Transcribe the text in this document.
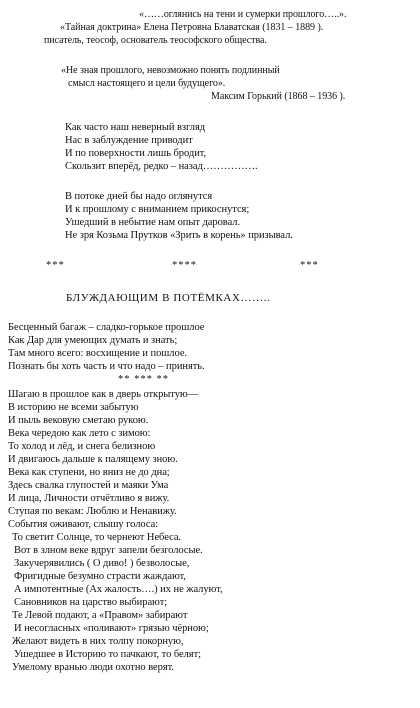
«……оглянись на тени и сумерки прошлого…..».
«Тайная доктрина» Елена Петровна Блаватская (1831 – 1889 ).
писатель, теософ, основатель теософского общества.
«Не зная прошлого, невозможно понять подлинный
смысл настоящего и цели будущего».
Максим Горький (1868 – 1936 ).
Как часто наш неверный взгляд
Нас в заблуждение приводит
И по поверхности лишь бродит,
Скользит вперёд, редко – назад…………….
В потоке дней бы надо оглянутся
И к прошлому с вниманием прикоснутся;
Ушедший в небытие нам опыт даровал.
Не зря Козьма Прутков «Зрить в корень» призывал.
***	****	***
БЛУЖДАЮЩИМ В ПОТЁМКАХ……..
Бесценный багаж – сладко-горькое прошлое
Как Дар для умеющих думать и знать;
Там много всего: восхищение и пошлое.
Познать бы хоть часть и что надо – принять.
** *** **
Шагаю в прошлое как в дверь открытую—
В историю не всеми забытую
И пыль вековую сметаю рукою.
Века чередою как лето с зимою:
То холод и лёд, и снега белизною
И двигаюсь дальше к палящему зною.
Века как ступени, но вниз не до дна;
Здесь свалка глупостей и маяки Ума
И лица, Личности отчётливо я вижу.
Ступая по векам: Люблю и Ненавижу.
События оживают, слышу голоса:
То светит Солнце, то чернеют Небеса.
Вот в злном веке вдруг запели безголосые.
Закучерявились ( О диво! ) безволосые,
Фригидные безумно страсти жаждают,
А импотентные (Ах жалость….) их не жалуют,
Сановников на царство выбирают;
Те Левой подают, а «Правом» забирают
И несогласных «поливают» грязью чёрною;
Желают видеть в них толпу покорную,
Ушедшее в Историю то пачкают, то белят;
Умелому вранью люди охотно верят.
